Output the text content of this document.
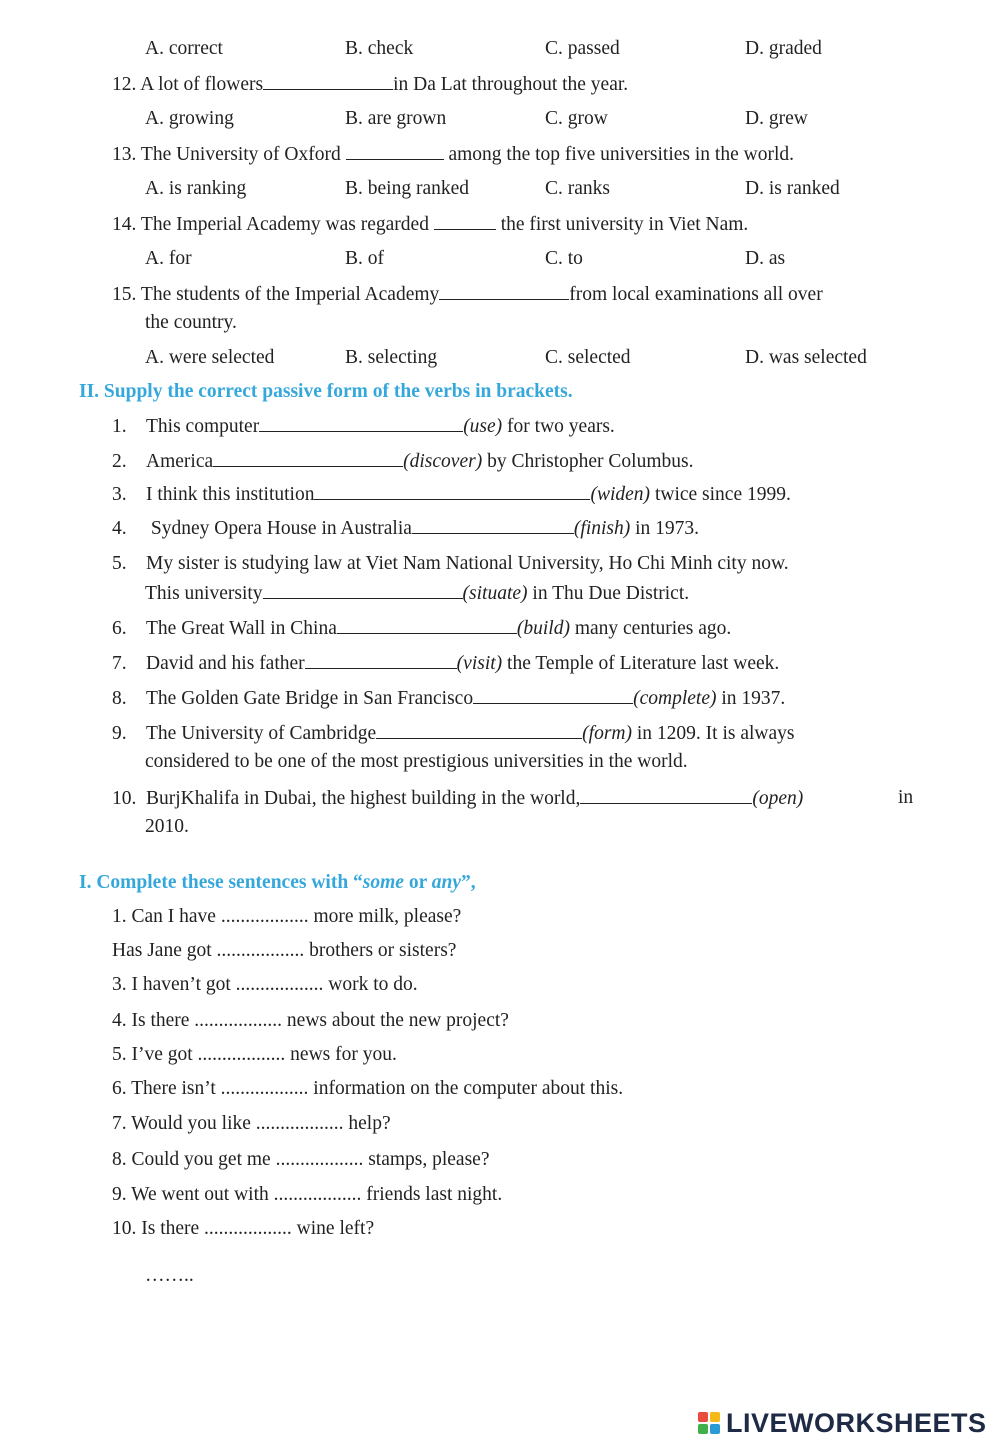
A. correct	B. check	C. passed	D. graded
12. A lot of flowers	in Da Lat throughout the year.
A. growing	B. are grown	C. grow	D. grew
13. The University of Oxford	among the top five universities in the world.
A. is ranking	B. being ranked	C. ranks	D. is ranked
14. The Imperial Academy was regarded	the first university in Viet Nam.
A. for	B. of	C. to	D. as
15. The students of the Imperial Academy	from local examinations all over
the country.
A. were selected	B. selecting	C. selected	D. was selected
II. Supply the correct passive form of the verbs in brackets.
1. This computer	(use) for two years.
2. America	(discover) by Christopher Columbus.
3. I think this institution	(widen) twice since 1999.
4. Sydney Opera House in Australia	(finish) in 1973.
5. My sister is studying law at Viet Nam National University, Ho Chi Minh city now.
This university	(situate) in Thu Due District.
6. The Great Wall in China	(build) many centuries ago.
7. David and his father	(visit) the Temple of Literature last week.
8. The Golden Gate Bridge in San Francisco	(complete) in 1937.
9. The University of Cambridge	(form) in 1209. It is always
considered to be one of the most prestigious universities in the world.
10. BurjKhalifa in Dubai, the highest building in the world,	(open)	in
2010.
I. Complete these sentences with “some or any”,
1. Can I have .................. more milk, please?
Has Jane got .................. brothers or sisters?
3. I haven’t got .................. work to do.
4. Is there .................. news about the new project?
5. I’ve got .................. news for you.
6. There isn’t .................. information on the computer about this.
7. Would you like .................. help?
8. Could you get me .................. stamps, please?
9. We went out with .................. friends last night.
10. Is there .................. wine left?
……..
LIVEWORKSHEETS
